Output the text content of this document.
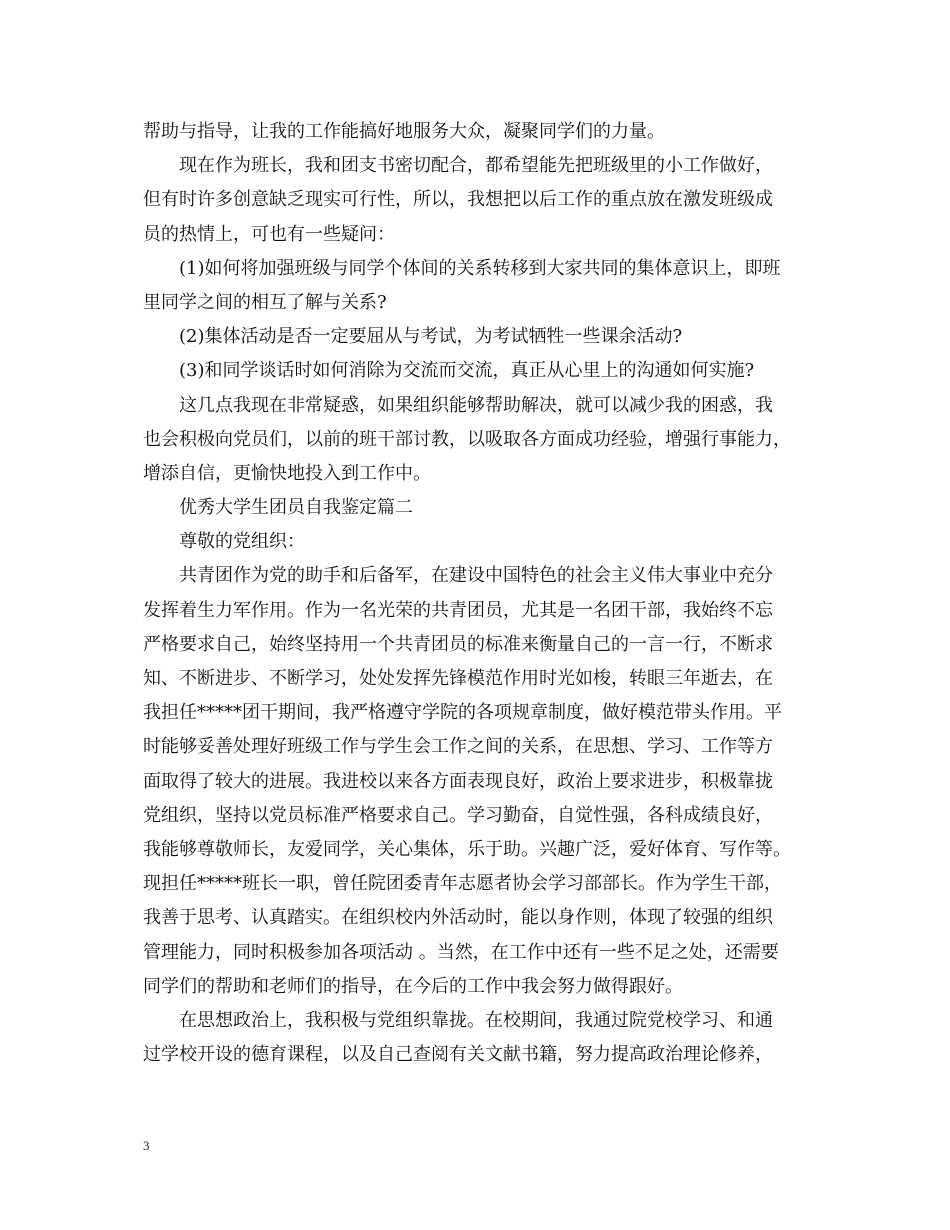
帮助与指导，让我的工作能搞好地服务大众，凝聚同学们的力量。
现在作为班长，我和团支书密切配合，都希望能先把班级里的小工作做好，
但有时许多创意缺乏现实可行性，所以，我想把以后工作的重点放在激发班级成
员的热情上，可也有一些疑问：
(1)如何将加强班级与同学个体间的关系转移到大家共同的集体意识上，即班
里同学之间的相互了解与关系?
(2)集体活动是否一定要屈从与考试，为考试牺牲一些课余活动?
(3)和同学谈话时如何消除为交流而交流，真正从心里上的沟通如何实施?
这几点我现在非常疑惑，如果组织能够帮助解决，就可以减少我的困惑，我
也会积极向党员们，以前的班干部讨教，以吸取各方面成功经验，增强行事能力，
增添自信，更愉快地投入到工作中。
优秀大学生团员自我鉴定篇二
尊敬的党组织：
共青团作为党的助手和后备军，在建设中国特色的社会主义伟大事业中充分
发挥着生力军作用。作为一名光荣的共青团员，尤其是一名团干部，我始终不忘
严格要求自己，始终坚持用一个共青团员的标准来衡量自己的一言一行，不断求
知、不断进步、不断学习，处处发挥先锋模范作用时光如梭，转眼三年逝去，在
我担任*****团干期间，我严格遵守学院的各项规章制度，做好模范带头作用。平
时能够妥善处理好班级工作与学生会工作之间的关系，在思想、学习、工作等方
面取得了较大的进展。我进校以来各方面表现良好，政治上要求进步，积极靠拢
党组织，坚持以党员标准严格要求自己。学习勤奋，自觉性强，各科成绩良好，
我能够尊敬师长，友爱同学，关心集体，乐于助。兴趣广泛，爱好体育、写作等。
现担任*****班长一职，曾任院团委青年志愿者协会学习部部长。作为学生干部，
我善于思考、认真踏实。在组织校内外活动时，能以身作则，体现了较强的组织
管理能力，同时积极参加各项活动 。当然，在工作中还有一些不足之处，还需要
同学们的帮助和老师们的指导，在今后的工作中我会努力做得跟好。
在思想政治上，我积极与党组织靠拢。在校期间，我通过院党校学习、和通
过学校开设的德育课程，以及自己查阅有关文献书籍，努力提高政治理论修养，
3
